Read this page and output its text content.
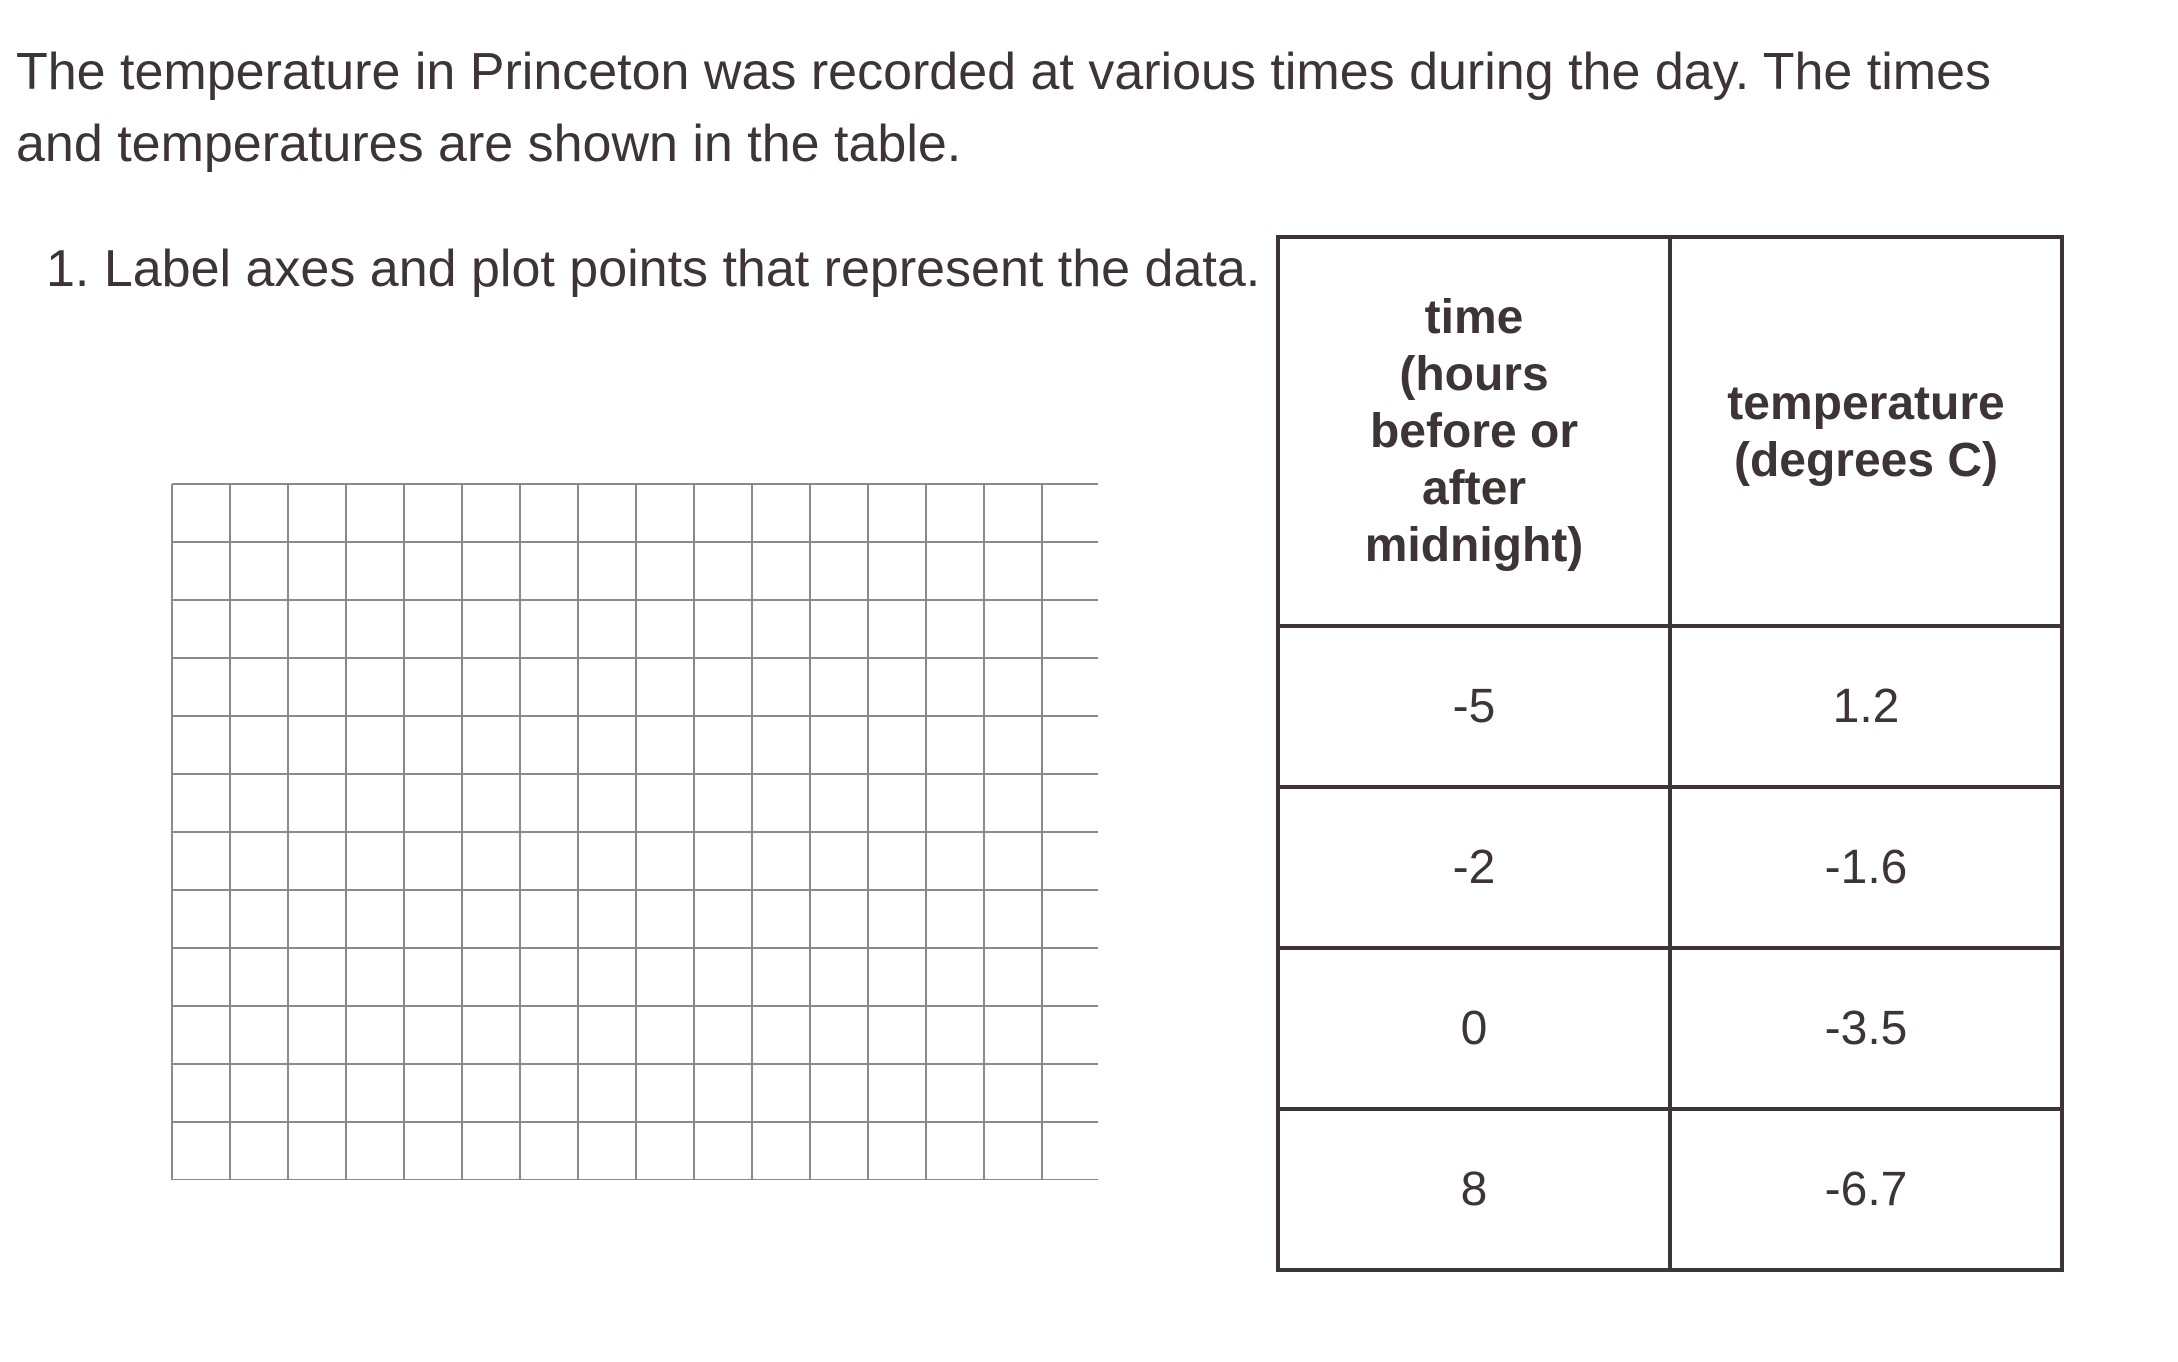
The temperature in Princeton was recorded at various times during the day. The times and temperatures are shown in the table.

1. Label axes and plot points that represent the data.

time (hours before or after midnight)	temperature (degrees C)
-5	1.2
-2	-1.6
0	-3.5
8	-6.7
